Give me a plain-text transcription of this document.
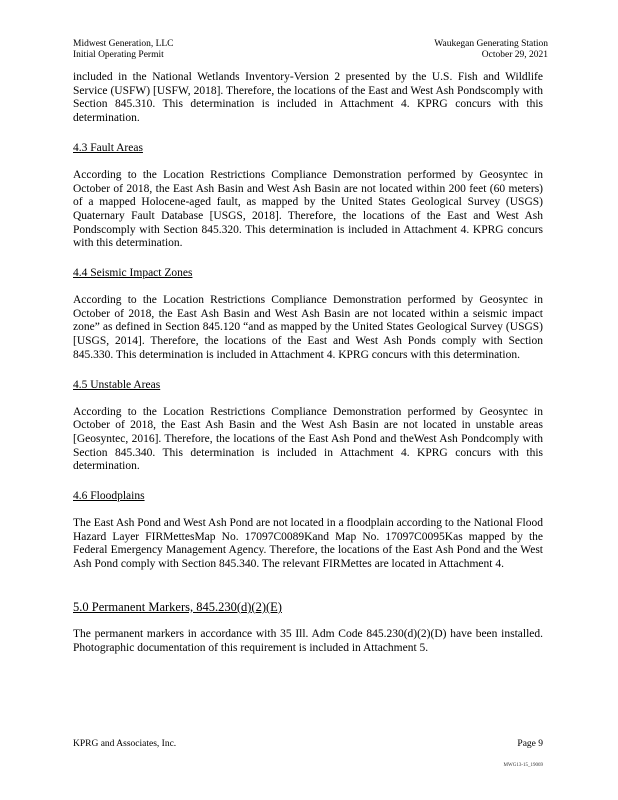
Midwest Generation, LLC
Initial Operating Permit
Waukegan Generating Station
October 29, 2021

included in the National Wetlands Inventory-Version 2 presented by the U.S. Fish and Wildlife Service (USFW) [USFW, 2018]. Therefore, the locations of the East and West Ash Pondscomply with Section 845.310. This determination is included in Attachment 4. KPRG concurs with this determination.

4.3 Fault Areas

According to the Location Restrictions Compliance Demonstration performed by Geosyntec in October of 2018, the East Ash Basin and West Ash Basin are not located within 200 feet (60 meters) of a mapped Holocene-aged fault, as mapped by the United States Geological Survey (USGS) Quaternary Fault Database [USGS, 2018]. Therefore, the locations of the East and West Ash Pondscomply with Section 845.320. This determination is included in Attachment 4. KPRG concurs with this determination.

4.4 Seismic Impact Zones

According to the Location Restrictions Compliance Demonstration performed by Geosyntec in October of 2018, the East Ash Basin and West Ash Basin are not located within a seismic impact zone” as defined in Section 845.120 “and as mapped by the United States Geological Survey (USGS) [USGS, 2014]. Therefore, the locations of the East and West Ash Ponds comply with Section 845.330. This determination is included in Attachment 4. KPRG concurs with this determination.

4.5 Unstable Areas

According to the Location Restrictions Compliance Demonstration performed by Geosyntec in October of 2018, the East Ash Basin and the West Ash Basin are not located in unstable areas [Geosyntec, 2016]. Therefore, the locations of the East Ash Pond and theWest Ash Pondcomply with Section 845.340. This determination is included in Attachment 4. KPRG concurs with this determination.

4.6 Floodplains

The East Ash Pond and West Ash Pond are not located in a floodplain according to the National Flood Hazard Layer FIRMettesMap No. 17097C0089Kand Map No. 17097C0095Kas mapped by the Federal Emergency Management Agency. Therefore, the locations of the East Ash Pond and the West Ash Pond comply with Section 845.340. The relevant FIRMettes are located in Attachment 4.

5.0 Permanent Markers, 845.230(d)(2)(E)

The permanent markers in accordance with 35 Ill. Adm Code 845.230(d)(2)(D) have been installed. Photographic documentation of this requirement is included in Attachment 5.

KPRG and Associates, Inc.	Page 9
MWG13-15_19069
